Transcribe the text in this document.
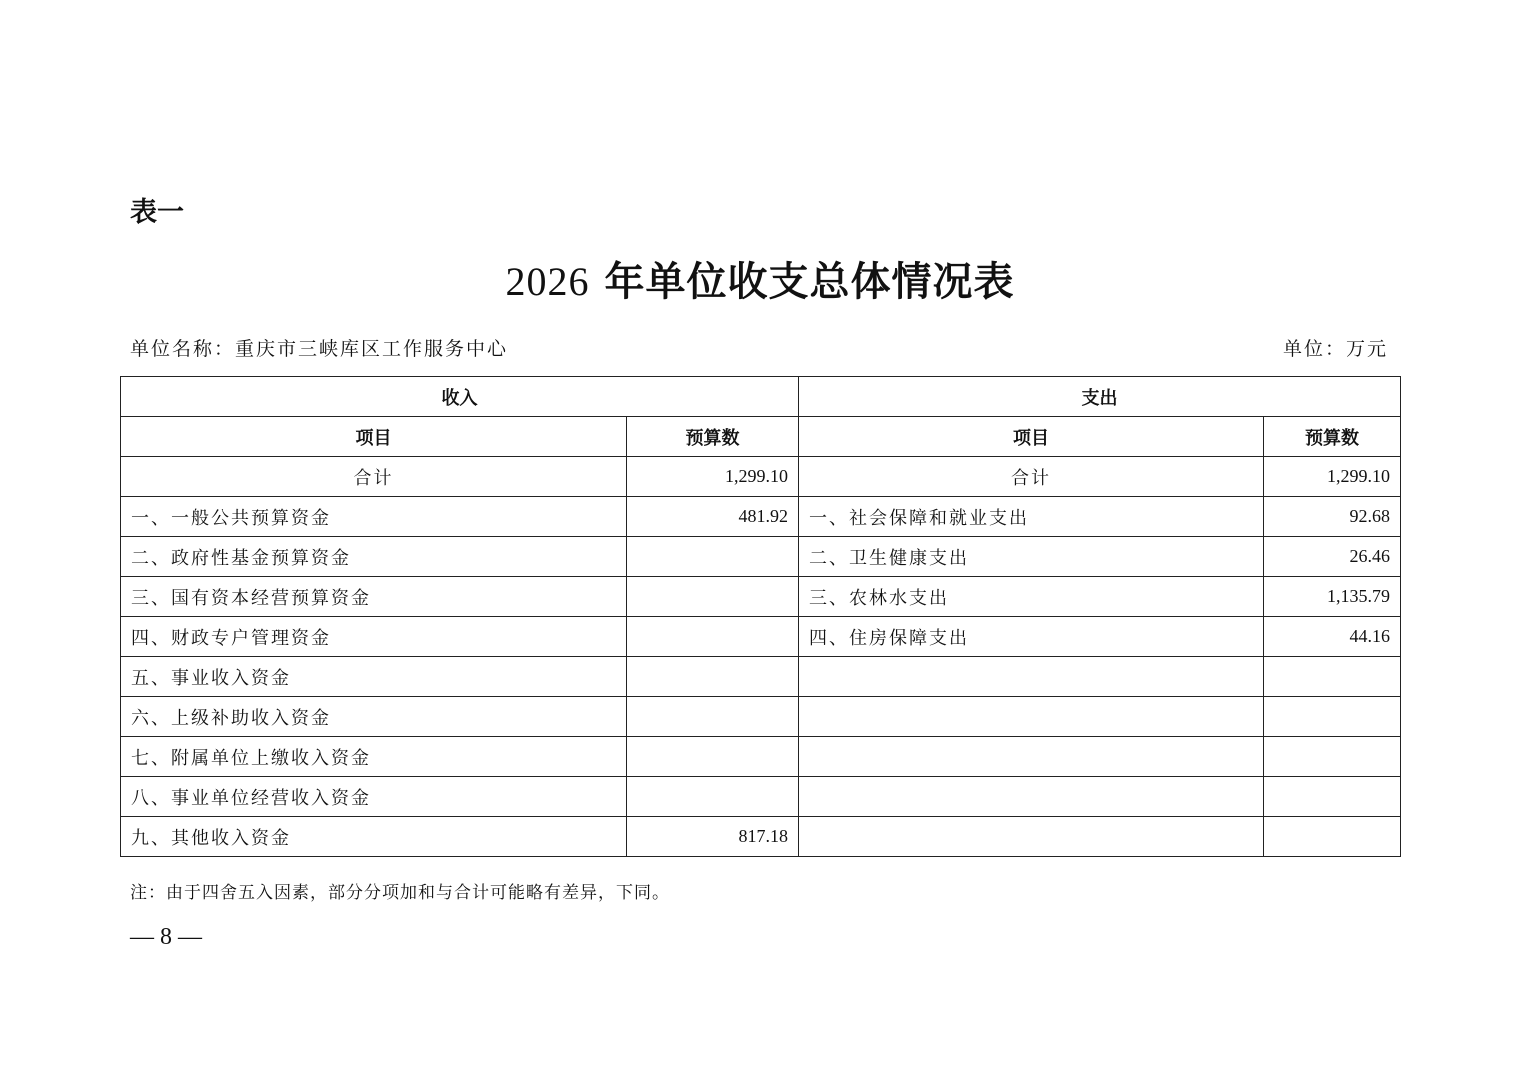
表一
2026 年单位收支总体情况表
单位名称：重庆市三峡库区工作服务中心	单位：万元
收入		支出	
项目	预算数	项目	预算数
合计	1,299.10	合计	1,299.10
一、一般公共预算资金	481.92	一、社会保障和就业支出	92.68
二、政府性基金预算资金		二、卫生健康支出	26.46
三、国有资本经营预算资金		三、农林水支出	1,135.79
四、财政专户管理资金		四、住房保障支出	44.16
五、事业收入资金			
六、上级补助收入资金			
七、附属单位上缴收入资金			
八、事业单位经营收入资金			
九、其他收入资金	817.18		
注：由于四舍五入因素，部分分项加和与合计可能略有差异，下同。
— 8 —
